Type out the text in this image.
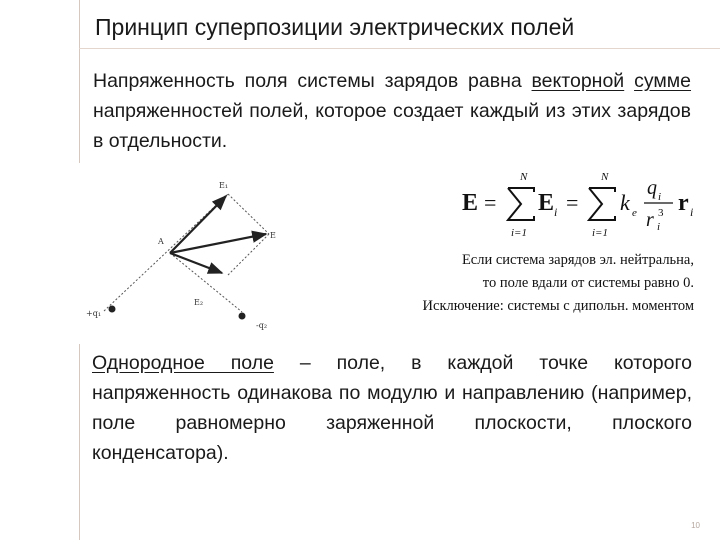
Принцип суперпозиции электрических полей
Напряженность поля системы зарядов равна векторной сумме напряженностей полей, которое создает каждый из этих зарядов в отдельности.
E₁
A
E
E₂
+q₁
-q₂
E =
N
i=1
E i =
N
i=1
k e
q i
r i
3 r i
Если система зарядов эл. нейтральна,
то поле вдали от системы равно 0.
Исключение: системы с дипольн. моментом
Однородное поле – поле, в каждой точке которого напряженность одинакова по модулю и направлению (например, поле равномерно заряженной плоскости, плоского конденсатора).
10
